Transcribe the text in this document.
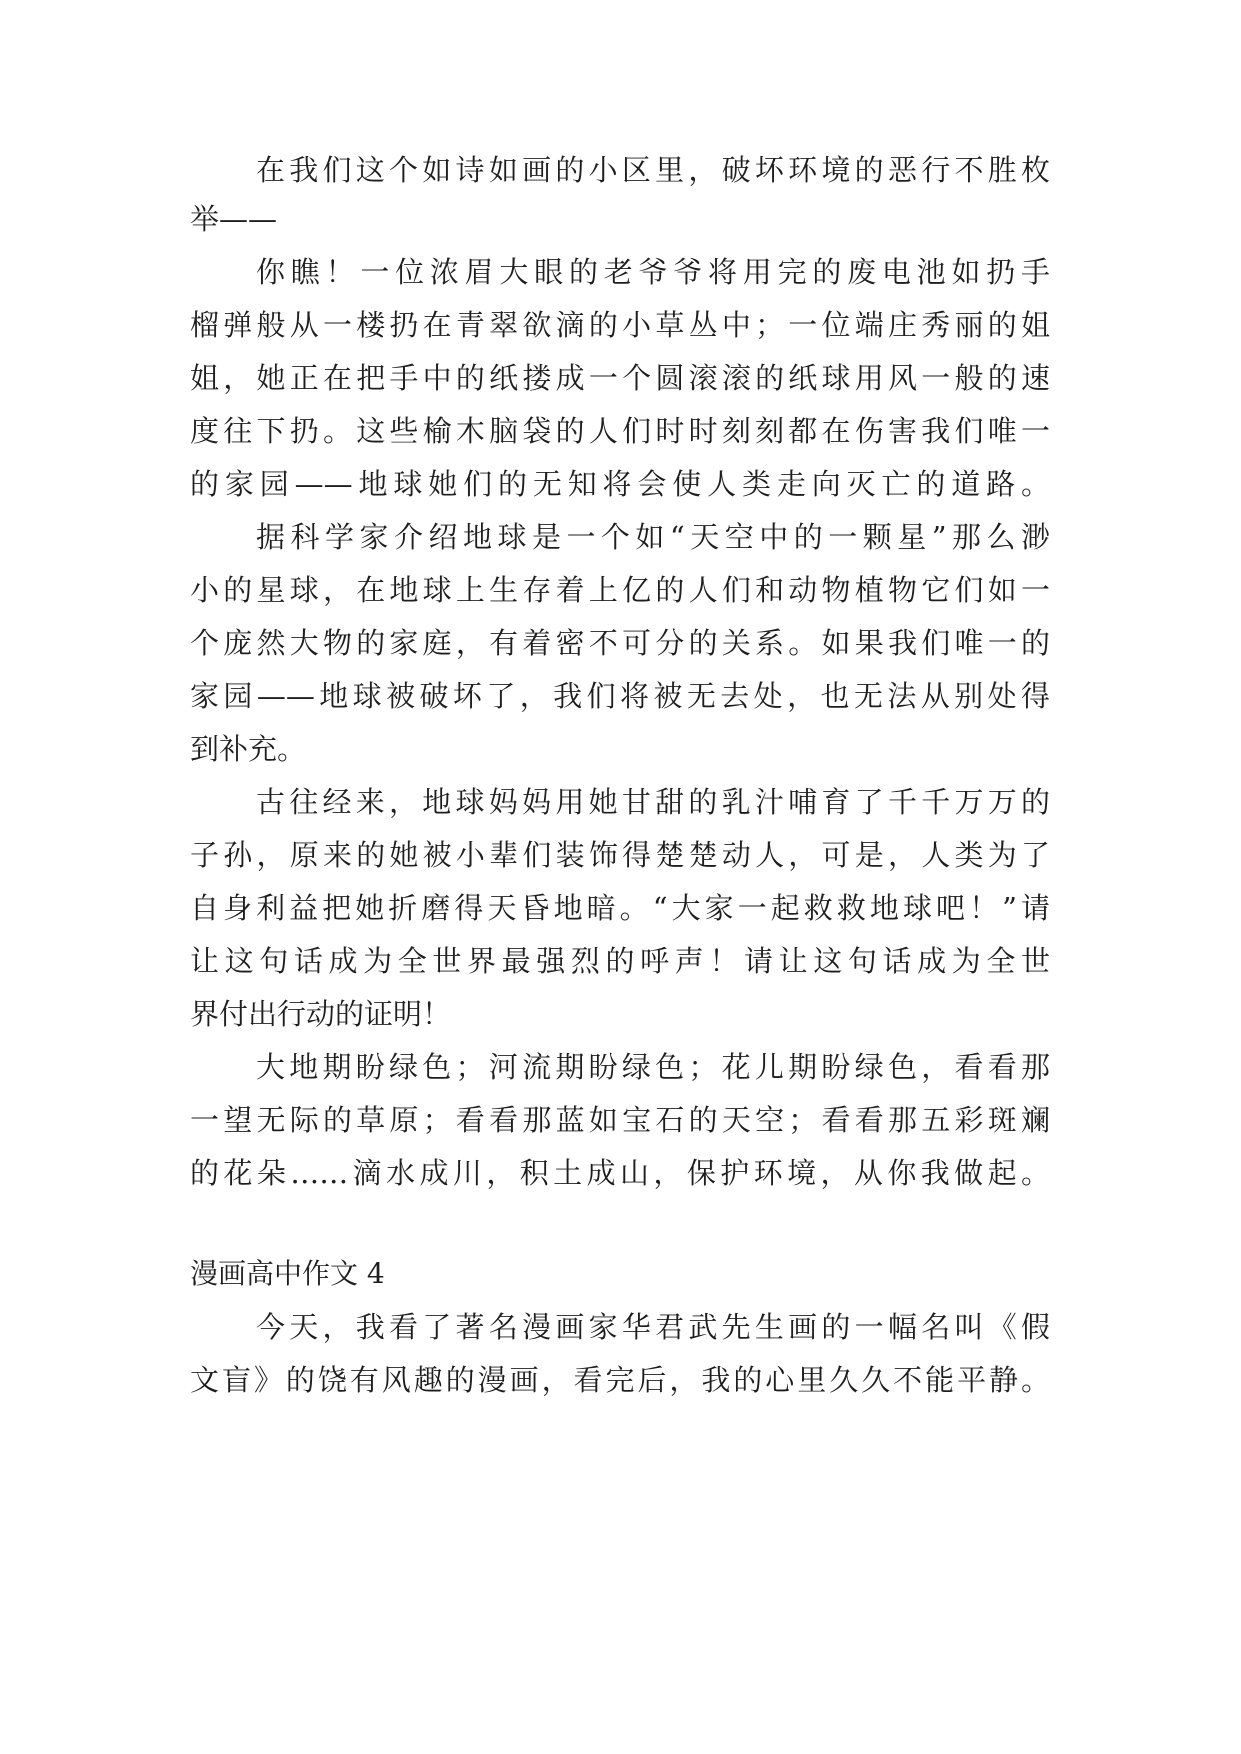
在我们这个如诗如画的小区里，破坏环境的恶行不胜枚
举——
你瞧！一位浓眉大眼的老爷爷将用完的废电池如扔手
榴弹般从一楼扔在青翠欲滴的小草丛中；一位端庄秀丽的姐
姐，她正在把手中的纸搂成一个圆滚滚的纸球用风一般的速
度往下扔。这些榆木脑袋的人们时时刻刻都在伤害我们唯一
的家园——地球她们的无知将会使人类走向灭亡的道路。
据科学家介绍地球是一个如“天空中的一颗星”那么渺
小的星球，在地球上生存着上亿的人们和动物植物它们如一
个庞然大物的家庭，有着密不可分的关系。如果我们唯一的
家园——地球被破坏了，我们将被无去处，也无法从别处得
到补充。
古往经来，地球妈妈用她甘甜的乳汁哺育了千千万万的
子孙，原来的她被小辈们装饰得楚楚动人，可是，人类为了
自身利益把她折磨得天昏地暗。“大家一起救救地球吧！”请
让这句话成为全世界最强烈的呼声！请让这句话成为全世
界付出行动的证明！
大地期盼绿色；河流期盼绿色；花儿期盼绿色，看看那
一望无际的草原；看看那蓝如宝石的天空；看看那五彩斑斓
的花朵……滴水成川，积土成山，保护环境，从你我做起。
漫画高中作文 4
今天，我看了著名漫画家华君武先生画的一幅名叫《假
文盲》的饶有风趣的漫画，看完后，我的心里久久不能平静。
